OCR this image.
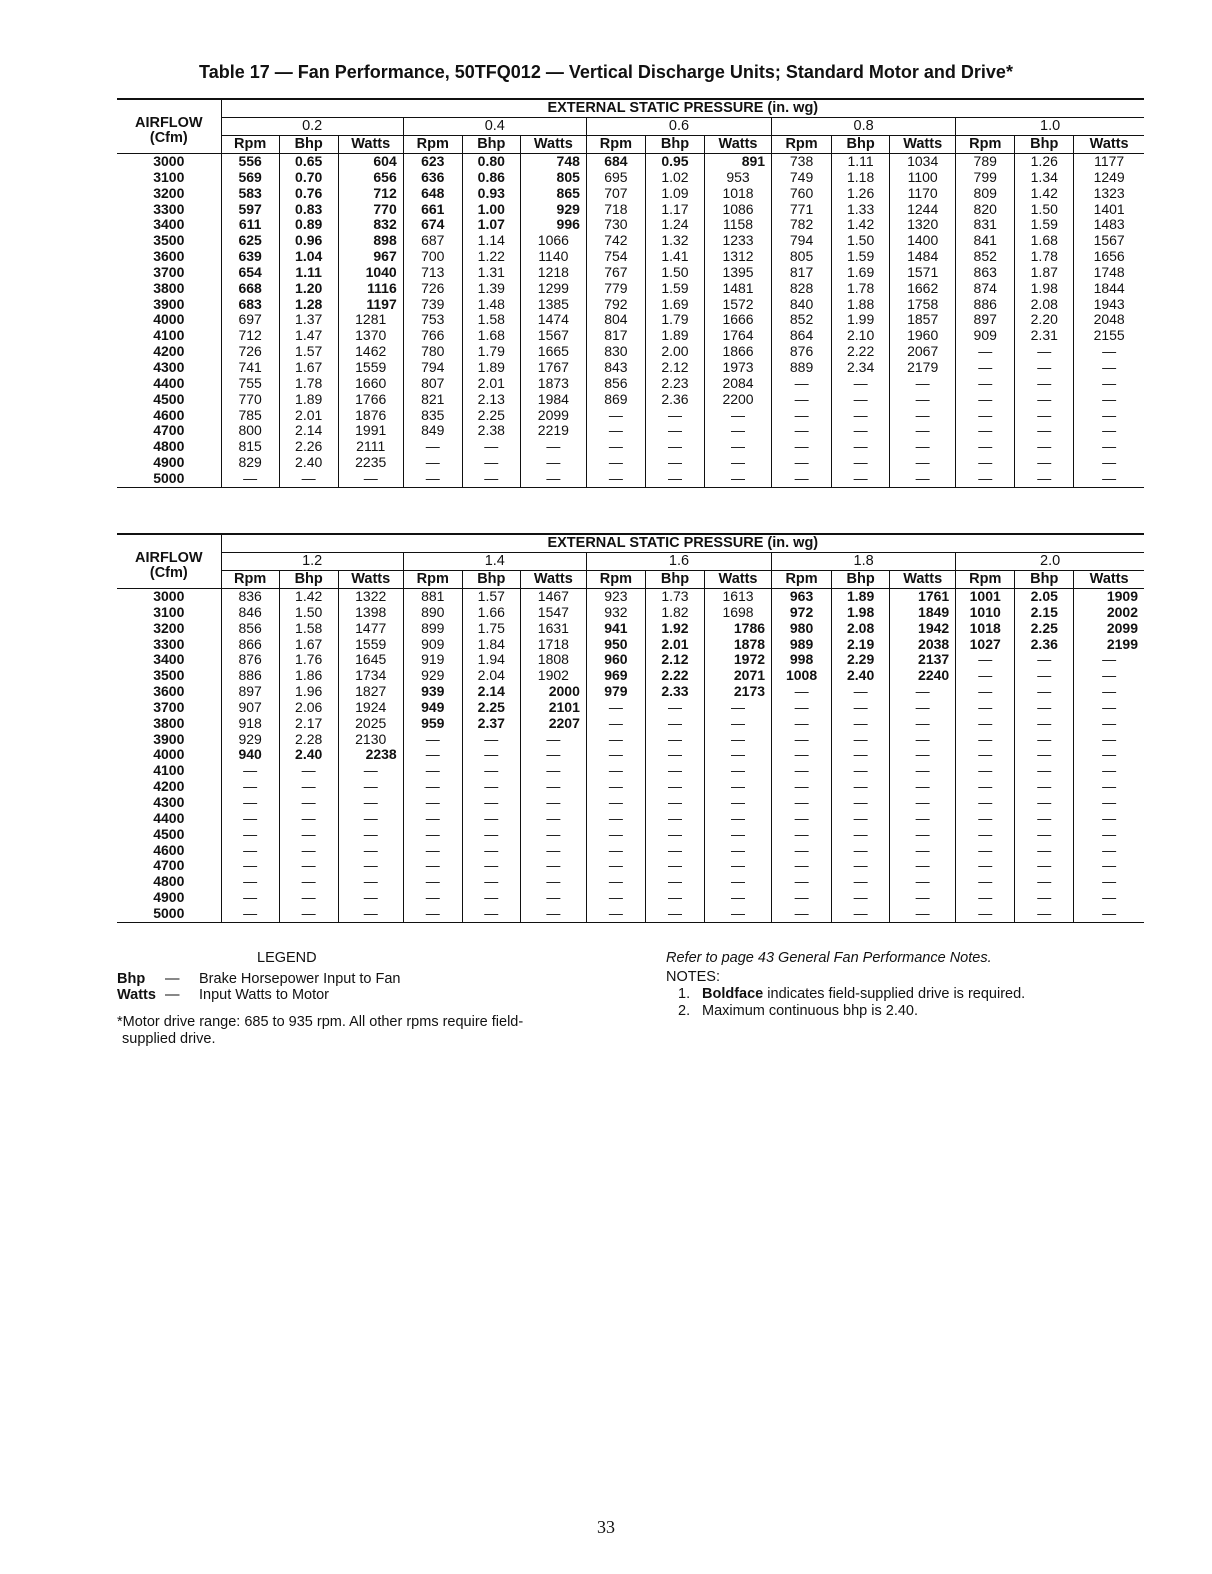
Table 17 — Fan Performance, 50TFQ012 — Vertical Discharge Units; Standard Motor and Drive*
AIRFLOW
(Cfm)	EXTERNAL STATIC PRESSURE (in. wg)														
	0.2			0.4			0.6			0.8			1.0		
	Rpm	Bhp	Watts	Rpm	Bhp	Watts	Rpm	Bhp	Watts	Rpm	Bhp	Watts	Rpm	Bhp	Watts
3000	556	0.65	604	623	0.80	748	684	0.95	891	738	1.11	1034	789	1.26	1177
3100	569	0.70	656	636	0.86	805	695	1.02	953	749	1.18	1100	799	1.34	1249
3200	583	0.76	712	648	0.93	865	707	1.09	1018	760	1.26	1170	809	1.42	1323
3300	597	0.83	770	661	1.00	929	718	1.17	1086	771	1.33	1244	820	1.50	1401
3400	611	0.89	832	674	1.07	996	730	1.24	1158	782	1.42	1320	831	1.59	1483
3500	625	0.96	898	687	1.14	1066	742	1.32	1233	794	1.50	1400	841	1.68	1567
3600	639	1.04	967	700	1.22	1140	754	1.41	1312	805	1.59	1484	852	1.78	1656
3700	654	1.11	1040	713	1.31	1218	767	1.50	1395	817	1.69	1571	863	1.87	1748
3800	668	1.20	1116	726	1.39	1299	779	1.59	1481	828	1.78	1662	874	1.98	1844
3900	683	1.28	1197	739	1.48	1385	792	1.69	1572	840	1.88	1758	886	2.08	1943
4000	697	1.37	1281	753	1.58	1474	804	1.79	1666	852	1.99	1857	897	2.20	2048
4100	712	1.47	1370	766	1.68	1567	817	1.89	1764	864	2.10	1960	909	2.31	2155
4200	726	1.57	1462	780	1.79	1665	830	2.00	1866	876	2.22	2067	—	—	—
4300	741	1.67	1559	794	1.89	1767	843	2.12	1973	889	2.34	2179	—	—	—
4400	755	1.78	1660	807	2.01	1873	856	2.23	2084	—	—	—	—	—	—
4500	770	1.89	1766	821	2.13	1984	869	2.36	2200	—	—	—	—	—	—
4600	785	2.01	1876	835	2.25	2099	—	—	—	—	—	—	—	—	—
4700	800	2.14	1991	849	2.38	2219	—	—	—	—	—	—	—	—	—
4800	815	2.26	2111	—	—	—	—	—	—	—	—	—	—	—	—
4900	829	2.40	2235	—	—	—	—	—	—	—	—	—	—	—	—
5000	—	—	—	—	—	—	—	—	—	—	—	—	—	—	—
AIRFLOW
(Cfm)	EXTERNAL STATIC PRESSURE (in. wg)														
	1.2			1.4			1.6			1.8			2.0		
	Rpm	Bhp	Watts	Rpm	Bhp	Watts	Rpm	Bhp	Watts	Rpm	Bhp	Watts	Rpm	Bhp	Watts
3000	836	1.42	1322	881	1.57	1467	923	1.73	1613	963	1.89	1761	1001	2.05	1909
3100	846	1.50	1398	890	1.66	1547	932	1.82	1698	972	1.98	1849	1010	2.15	2002
3200	856	1.58	1477	899	1.75	1631	941	1.92	1786	980	2.08	1942	1018	2.25	2099
3300	866	1.67	1559	909	1.84	1718	950	2.01	1878	989	2.19	2038	1027	2.36	2199
3400	876	1.76	1645	919	1.94	1808	960	2.12	1972	998	2.29	2137	—	—	—
3500	886	1.86	1734	929	2.04	1902	969	2.22	2071	1008	2.40	2240	—	—	—
3600	897	1.96	1827	939	2.14	2000	979	2.33	2173	—	—	—	—	—	—
3700	907	2.06	1924	949	2.25	2101	—	—	—	—	—	—	—	—	—
3800	918	2.17	2025	959	2.37	2207	—	—	—	—	—	—	—	—	—
3900	929	2.28	2130	—	—	—	—	—	—	—	—	—	—	—	—
4000	940	2.40	2238	—	—	—	—	—	—	—	—	—	—	—	—
4100	—	—	—	—	—	—	—	—	—	—	—	—	—	—	—
4200	—	—	—	—	—	—	—	—	—	—	—	—	—	—	—
4300	—	—	—	—	—	—	—	—	—	—	—	—	—	—	—
4400	—	—	—	—	—	—	—	—	—	—	—	—	—	—	—
4500	—	—	—	—	—	—	—	—	—	—	—	—	—	—	—
4600	—	—	—	—	—	—	—	—	—	—	—	—	—	—	—
4700	—	—	—	—	—	—	—	—	—	—	—	—	—	—	—
4800	—	—	—	—	—	—	—	—	—	—	—	—	—	—	—
4900	—	—	—	—	—	—	—	—	—	—	—	—	—	—	—
5000	—	—	—	—	—	—	—	—	—	—	—	—	—	—	—
LEGEND
Bhp — Brake Horsepower Input to Fan
Watts — Input Watts to Motor
*Motor drive range: 685 to 935 rpm. All other rpms require field-
supplied drive.
Refer to page 43 General Fan Performance Notes.
NOTES:
1. Boldface indicates field-supplied drive is required.
2. Maximum continuous bhp is 2.40.
33
